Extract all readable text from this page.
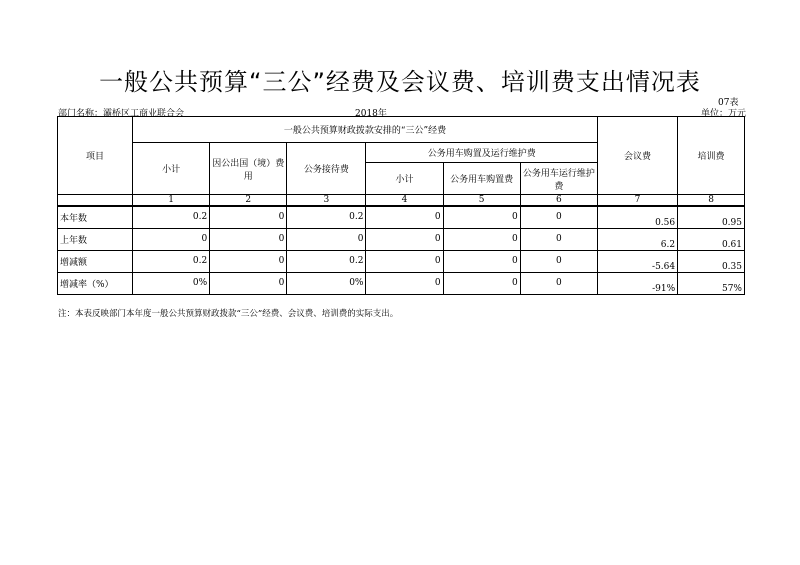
一般公共预算“三公”经费及会议费、培训费支出情况表
07表
部门名称：灞桥区工商业联合会	2018年	单位：万元
项目	一般公共预算财政拨款安排的“三公”经费						会议费	培训费
	小计	因公出国（境）费用	公务接待费	公务用车购置及运行维护费				
				小计	公务用车购置费	公务用车运行维护费		
	1	2	3	4	5	6	7	8
本年数	0.2	0	0.2	0	0	0	0.56	0.95
上年数	0	0	0	0	0	0	6.2	0.61
增减额	0.2	0	0.2	0	0	0	-5.64	0.35
增减率（%）	0%	0	0%	0	0	0	-91%	57%
注：本表反映部门本年度一般公共预算财政拨款“三公”经费、会议费、培训费的实际支出。
